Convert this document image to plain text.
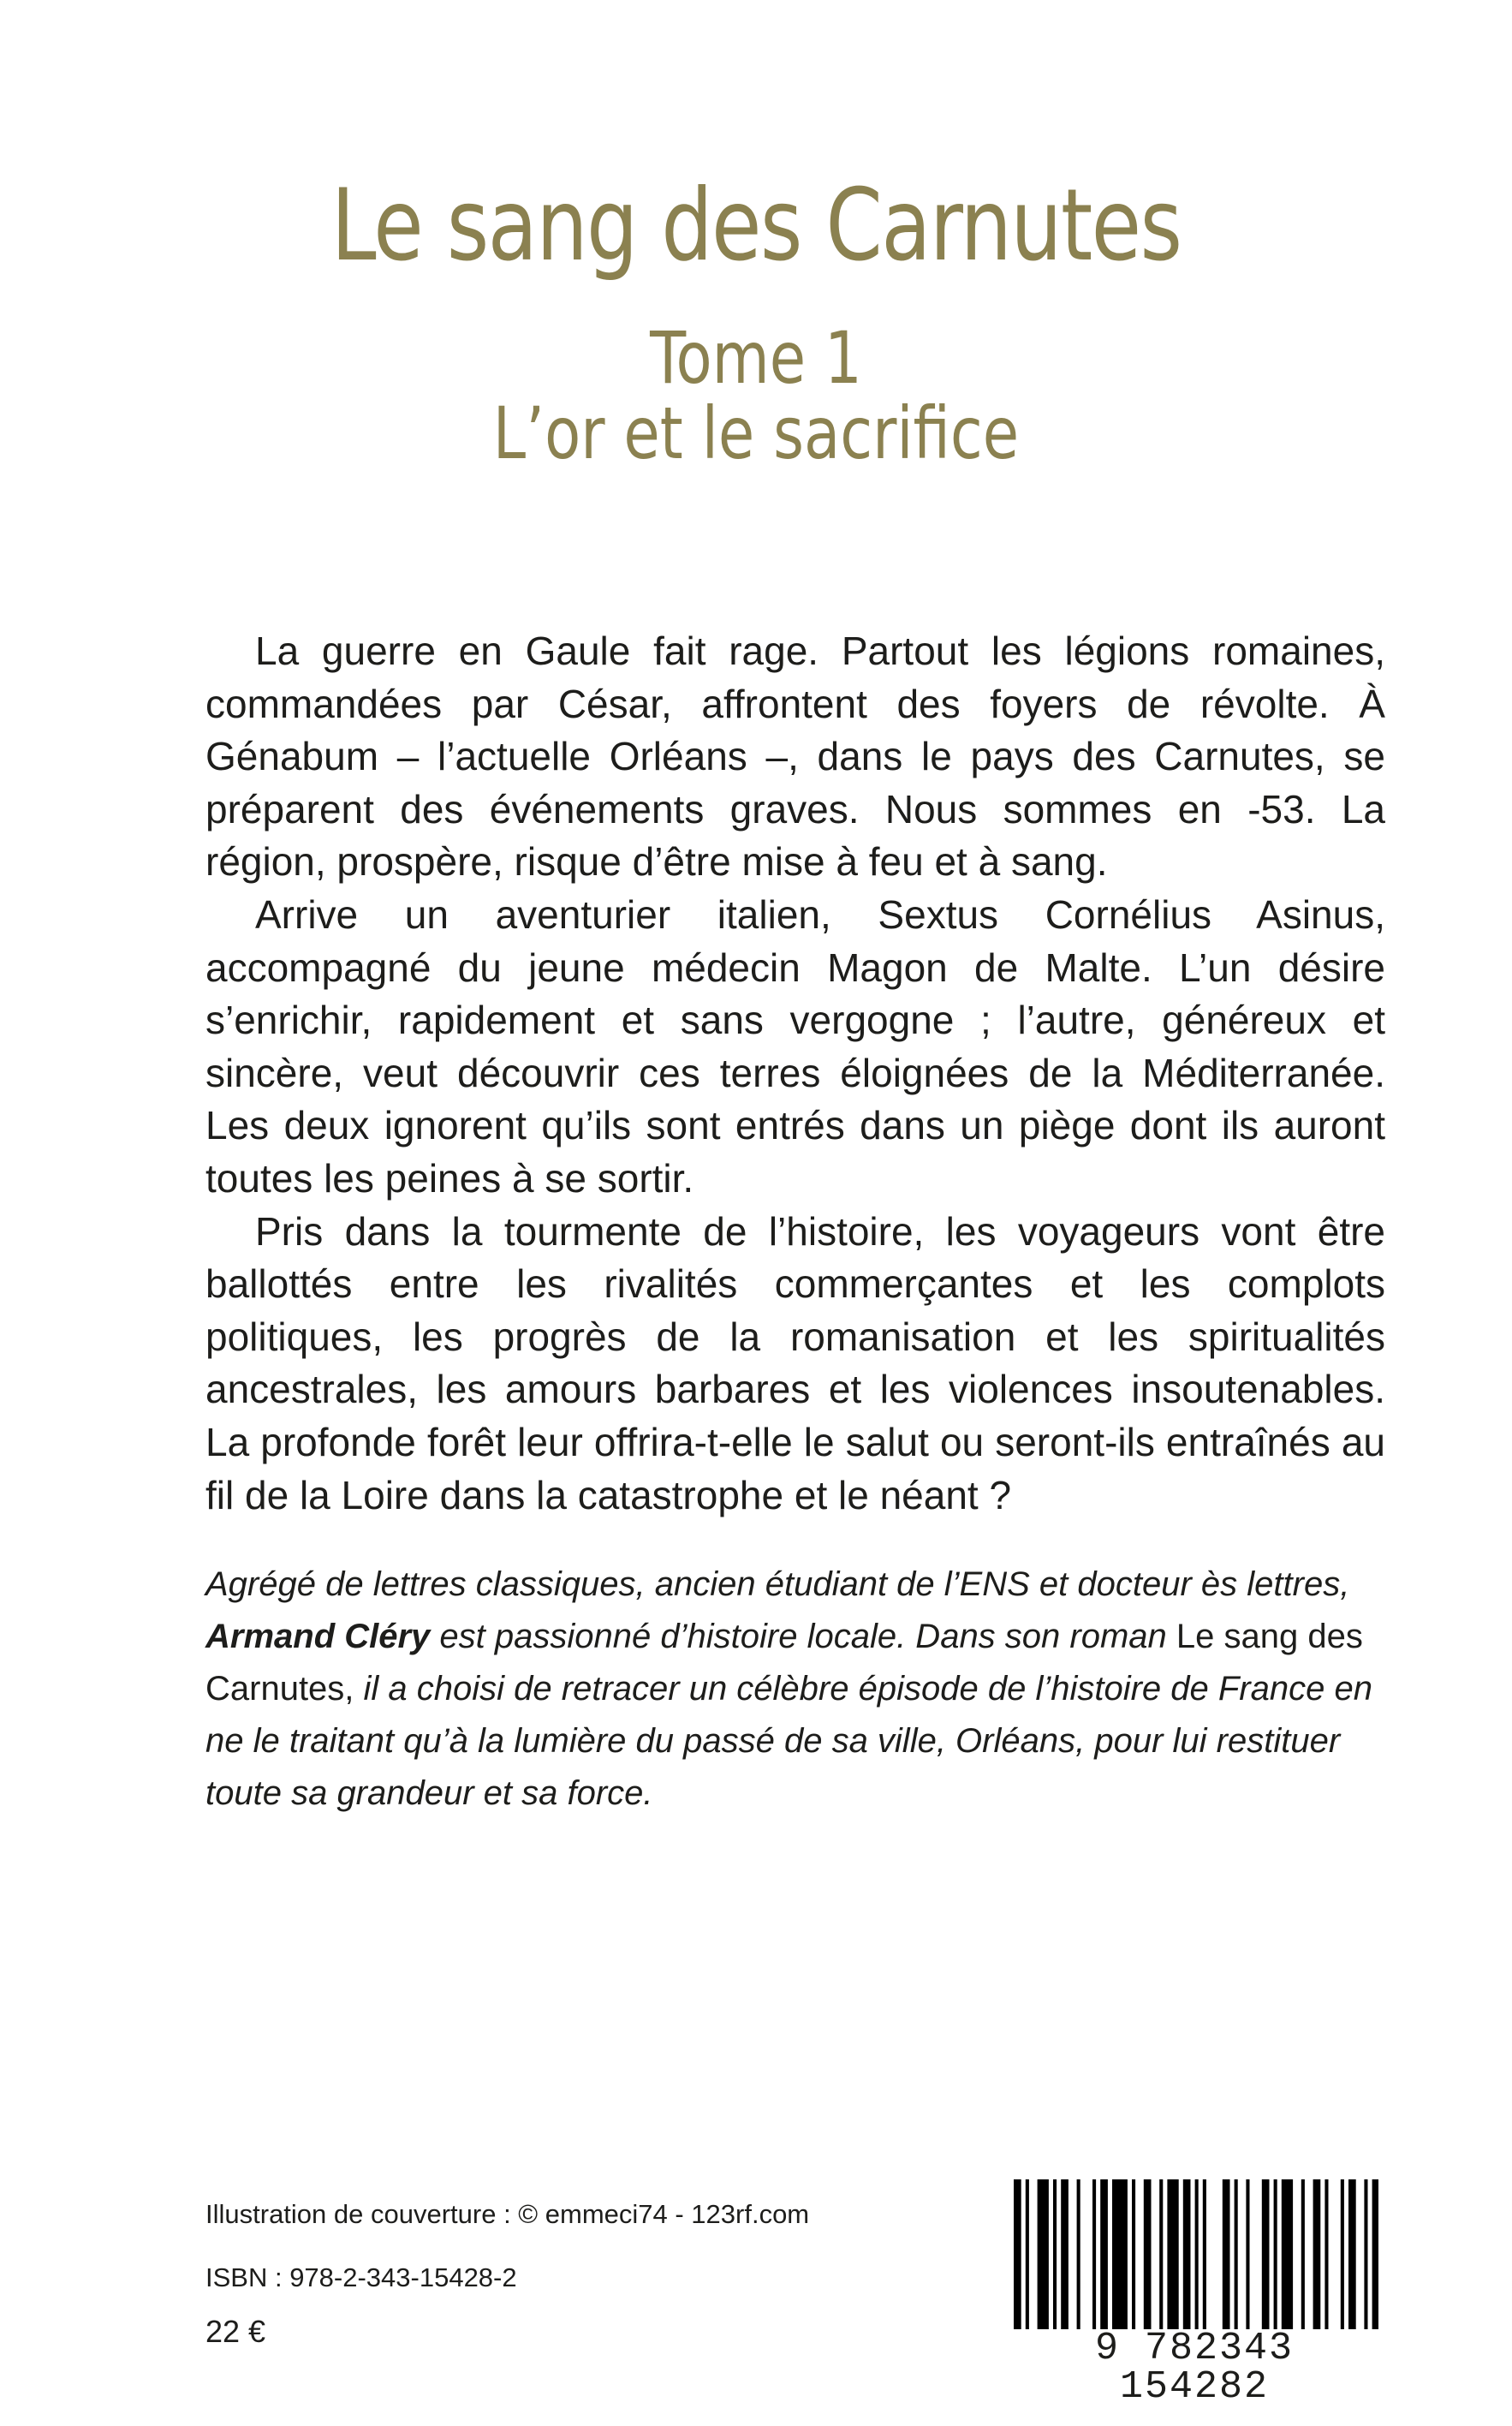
Le sang des Carnutes
Tome 1
L’or et le sacrifice

La guerre en Gaule fait rage. Partout les légions romaines, commandées par César, affrontent des foyers de révolte. À Génabum – l’actuelle Orléans –, dans le pays des Carnutes, se préparent des événements graves. Nous sommes en -53. La région, prospère, risque d’être mise à feu et à sang.

Arrive un aventurier italien, Sextus Cornélius Asinus, accompagné du jeune médecin Magon de Malte. L’un désire s’enrichir, rapidement et sans vergogne ; l’autre, généreux et sincère, veut découvrir ces terres éloignées de la Méditerranée. Les deux ignorent qu’ils sont entrés dans un piège dont ils auront toutes les peines à se sortir.

Pris dans la tourmente de l’histoire, les voyageurs vont être ballottés entre les rivalités commerçantes et les complots politiques, les progrès de la romanisation et les spiritualités ancestrales, les amours barbares et les violences insoutenables. La profonde forêt leur offrira-t-elle le salut ou seront-ils entraînés au fil de la Loire dans la catastrophe et le néant ?

Agrégé de lettres classiques, ancien étudiant de l’ENS et docteur ès lettres, Armand Cléry est passionné d’histoire locale. Dans son roman Le sang des Carnutes, il a choisi de retracer un célèbre épisode de l’histoire de France en ne le traitant qu’à la lumière du passé de sa ville, Orléans, pour lui restituer toute sa grandeur et sa force.

Illustration de couverture : © emmeci74 - 123rf.com
ISBN : 978-2-343-15428-2
22 €	9 782343 154282
